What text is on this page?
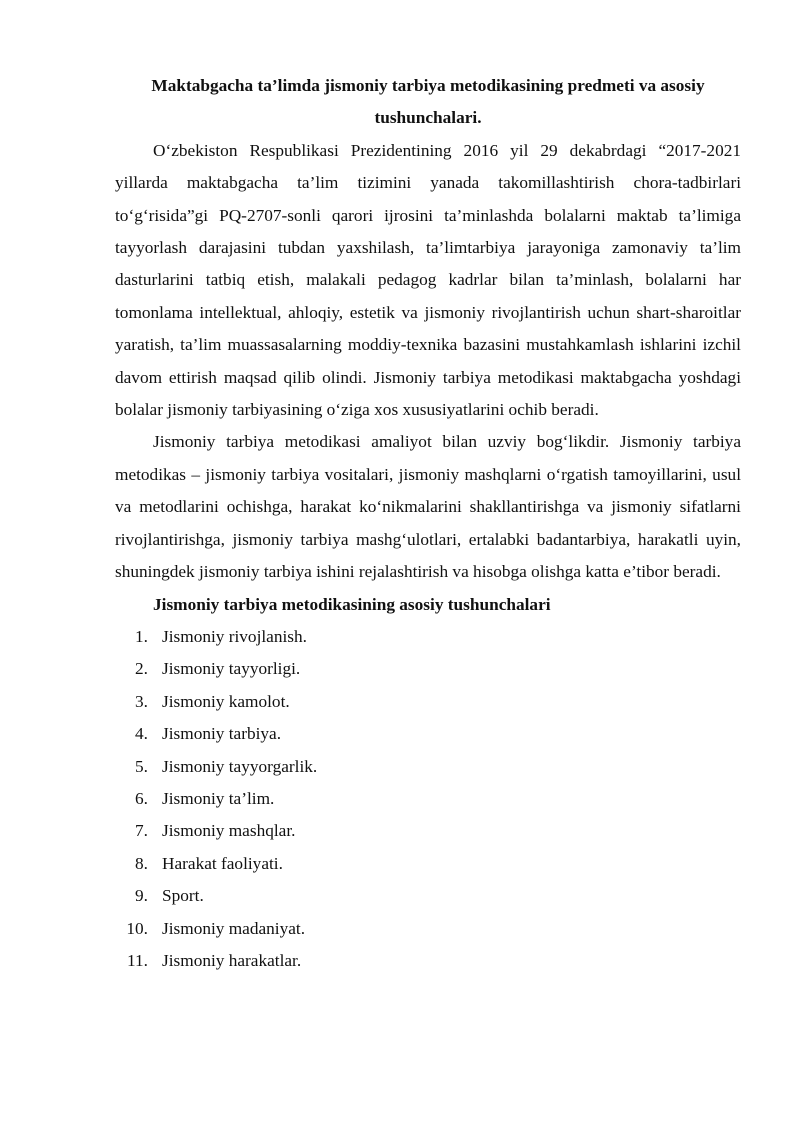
Maktabgacha ta’limda jismoniy tarbiya metodikasining predmeti va asosiy tushunchalari.

O‘zbekiston Respublikasi Prezidentining 2016 yil 29 dekabrdagi “2017-2021 yillarda maktabgacha ta’lim tizimini yanada takomillashtirish chora-tadbirlari to‘g‘risida”gi PQ-2707-sonli qarori ijrosini ta’minlashda bolalarni maktab ta’limiga tayyorlash darajasini tubdan yaxshilash, ta’limtarbiya jarayoniga zamonaviy ta’lim dasturlarini tatbiq etish, malakali pedagog kadrlar bilan ta’minlash, bolalarni har tomonlama intellektual, ahloqiy, estetik va jismoniy rivojlantirish uchun shart-sharoitlar yaratish, ta’lim muassasalarning moddiy-texnika bazasini mustahkamlash ishlarini izchil davom ettirish maqsad qilib olindi. Jismoniy tarbiya metodikasi maktabgacha yoshdagi bolalar jismoniy tarbiyasining o‘ziga xos xususiyatlarini ochib beradi.

Jismoniy tarbiya metodikasi amaliyot bilan uzviy bog‘likdir. Jismoniy tarbiya metodikas – jismoniy tarbiya vositalari, jismoniy mashqlarni o‘rgatish tamoyillarini, usul va metodlarini ochishga, harakat ko‘nikmalarini shakllantirishga va jismoniy sifatlarni rivojlantirishga, jismoniy tarbiya mashg‘ulotlari, ertalabki badantarbiya, harakatli uyin, shuningdek jismoniy tarbiya ishini rejalashtirish va hisobga olishga katta e’tibor beradi.

Jismoniy tarbiya metodikasining asosiy tushunchalari

1. Jismoniy rivojlanish.
2. Jismoniy tayyorligi.
3. Jismoniy kamolot.
4. Jismoniy tarbiya.
5. Jismoniy tayyorgarlik.
6. Jismoniy ta’lim.
7. Jismoniy mashqlar.
8. Harakat faoliyati.
9. Sport.
10. Jismoniy madaniyat.
11. Jismoniy harakatlar.
